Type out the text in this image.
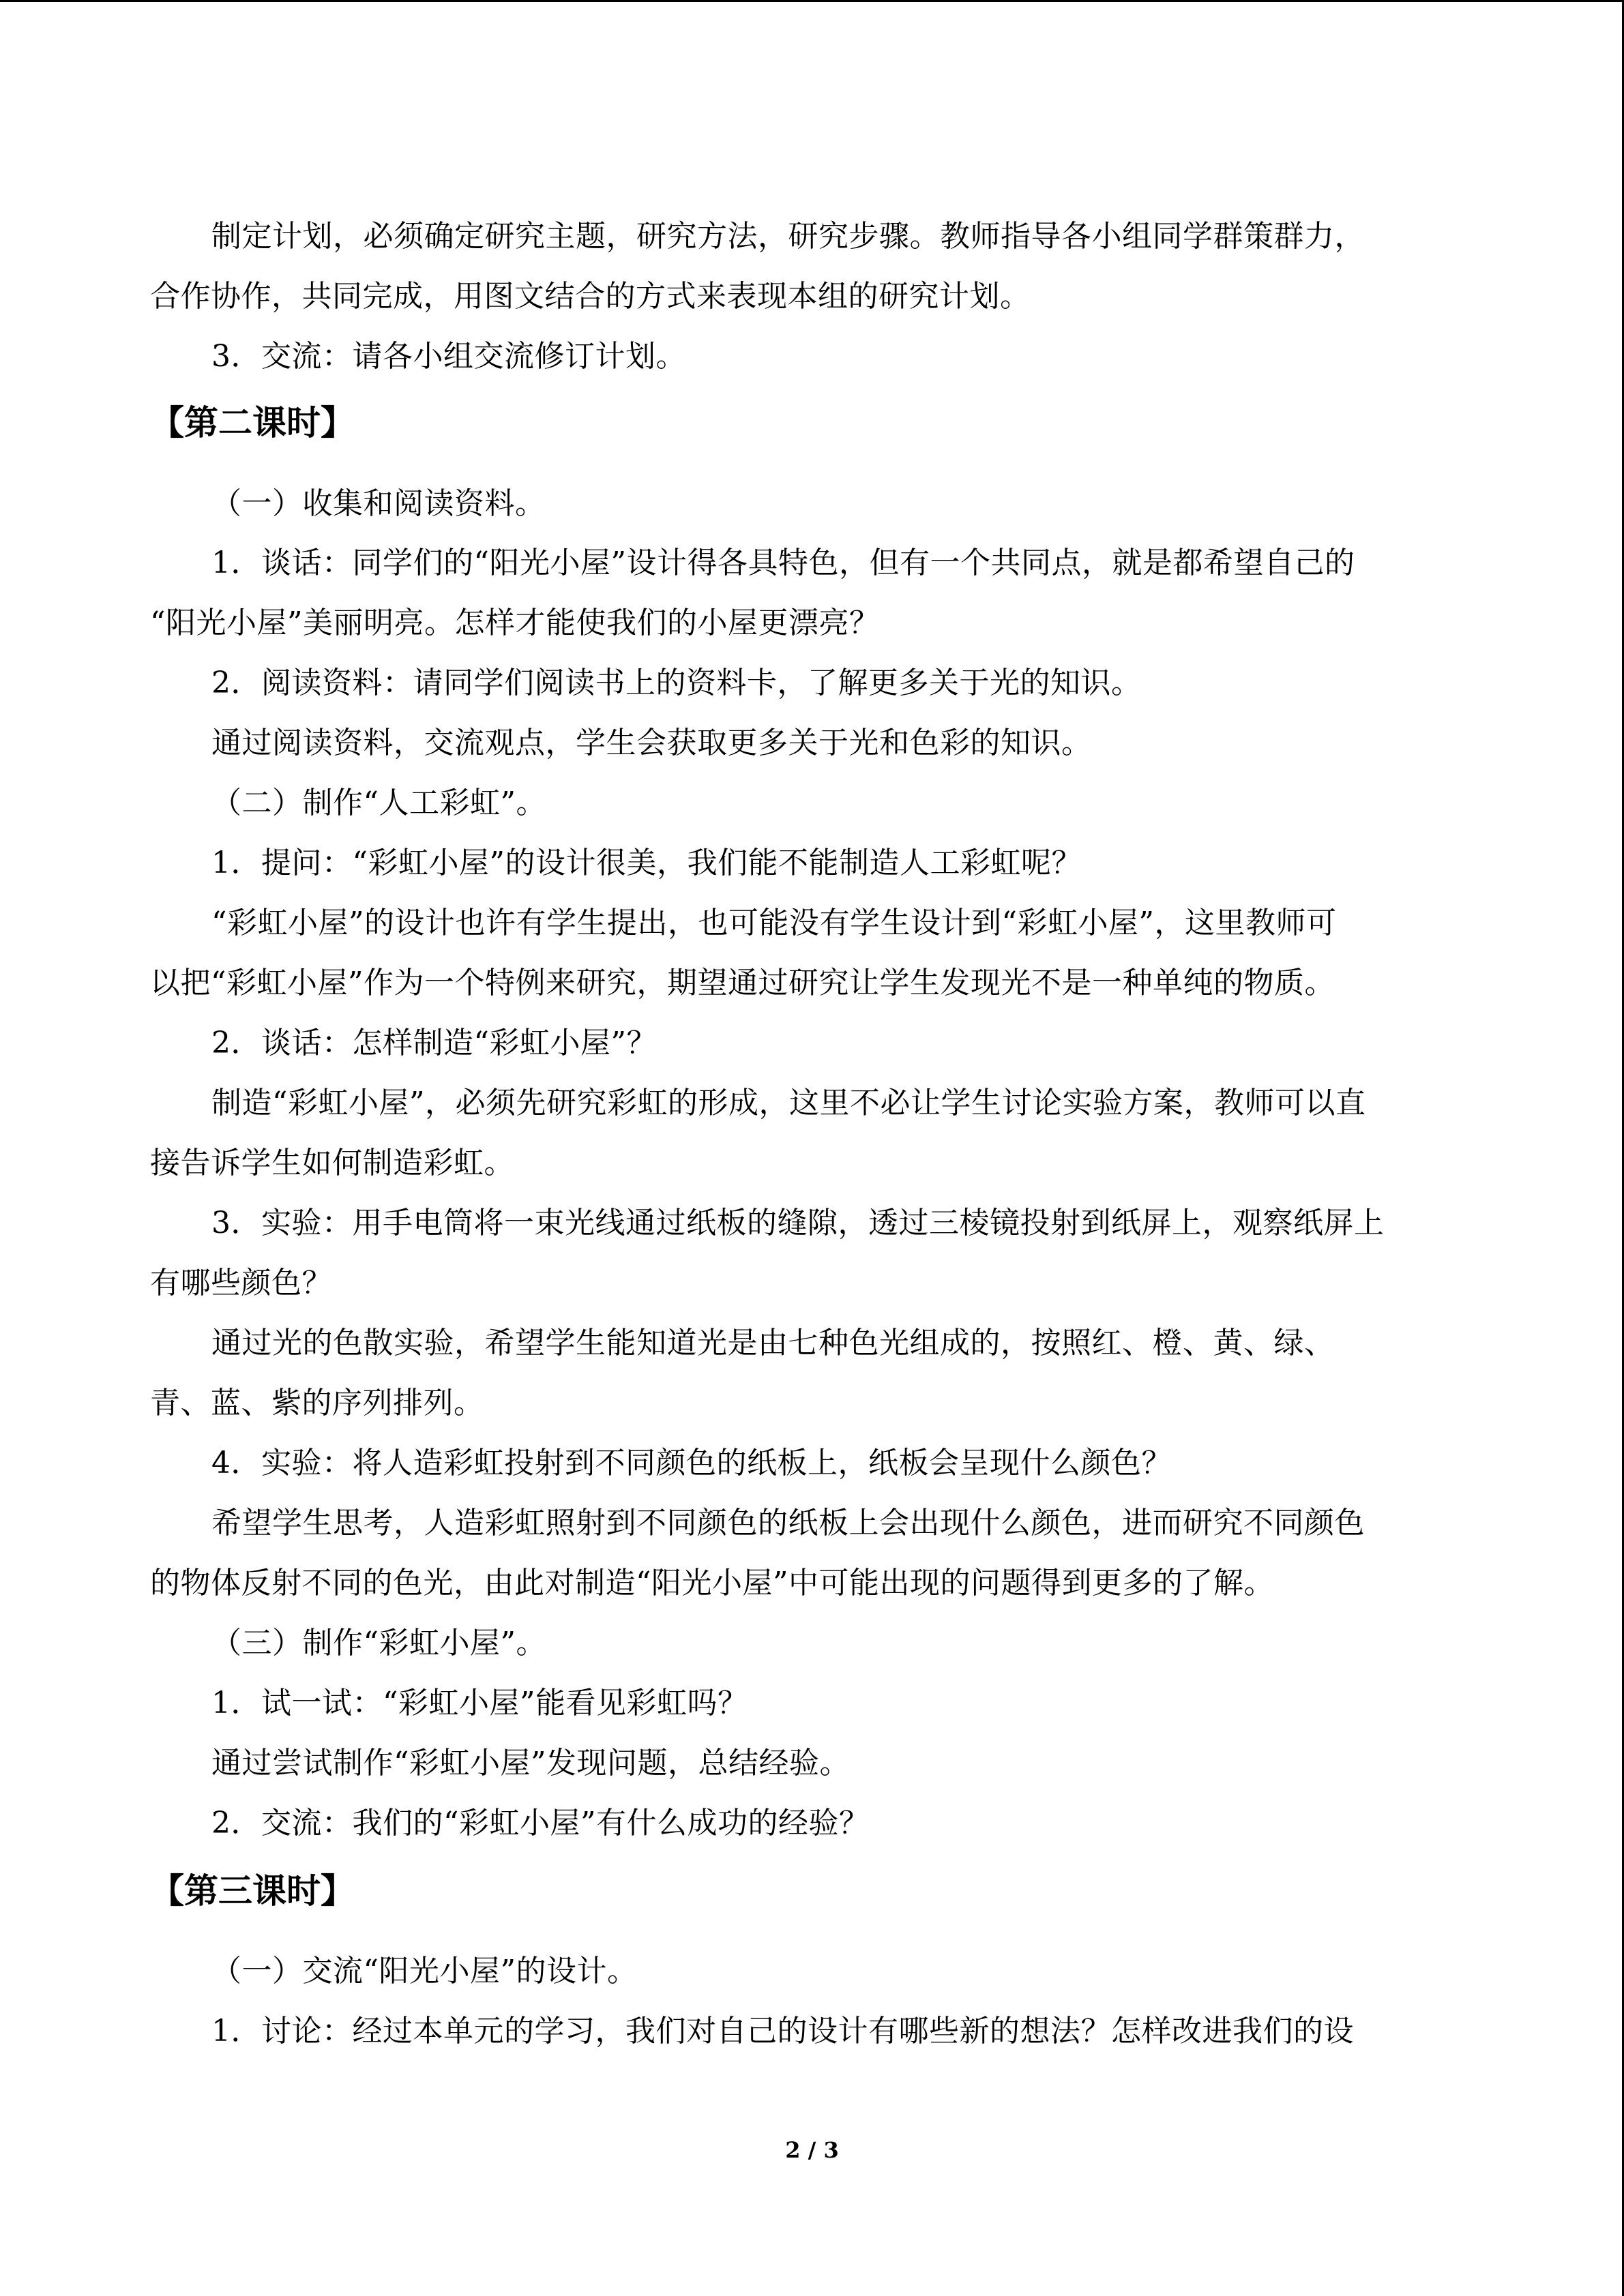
制定计划，必须确定研究主题，研究方法，研究步骤。教师指导各小组同学群策群力，
合作协作，共同完成，用图文结合的方式来表现本组的研究计划。
3．交流：请各小组交流修订计划。
【第二课时】
（一）收集和阅读资料。
1．谈话：同学们的“阳光小屋”设计得各具特色，但有一个共同点，就是都希望自己的
“阳光小屋”美丽明亮。怎样才能使我们的小屋更漂亮？
2．阅读资料：请同学们阅读书上的资料卡，了解更多关于光的知识。
通过阅读资料，交流观点，学生会获取更多关于光和色彩的知识。
（二）制作“人工彩虹”。
1．提问：“彩虹小屋”的设计很美，我们能不能制造人工彩虹呢？
“彩虹小屋”的设计也许有学生提出，也可能没有学生设计到“彩虹小屋”，这里教师可
以把“彩虹小屋”作为一个特例来研究，期望通过研究让学生发现光不是一种单纯的物质。
2．谈话：怎样制造“彩虹小屋”？
制造“彩虹小屋”，必须先研究彩虹的形成，这里不必让学生讨论实验方案，教师可以直
接告诉学生如何制造彩虹。
3．实验：用手电筒将一束光线通过纸板的缝隙，透过三棱镜投射到纸屏上，观察纸屏上
有哪些颜色？
通过光的色散实验，希望学生能知道光是由七种色光组成的，按照红、橙、黄、绿、
青、蓝、紫的序列排列。
4．实验：将人造彩虹投射到不同颜色的纸板上，纸板会呈现什么颜色？
希望学生思考，人造彩虹照射到不同颜色的纸板上会出现什么颜色，进而研究不同颜色
的物体反射不同的色光，由此对制造“阳光小屋”中可能出现的问题得到更多的了解。
（三）制作“彩虹小屋”。
1．试一试：“彩虹小屋”能看见彩虹吗？
通过尝试制作“彩虹小屋”发现问题，总结经验。
2．交流：我们的“彩虹小屋”有什么成功的经验？
【第三课时】
（一）交流“阳光小屋”的设计。
1．讨论：经过本单元的学习，我们对自己的设计有哪些新的想法？怎样改进我们的设
2 / 3
